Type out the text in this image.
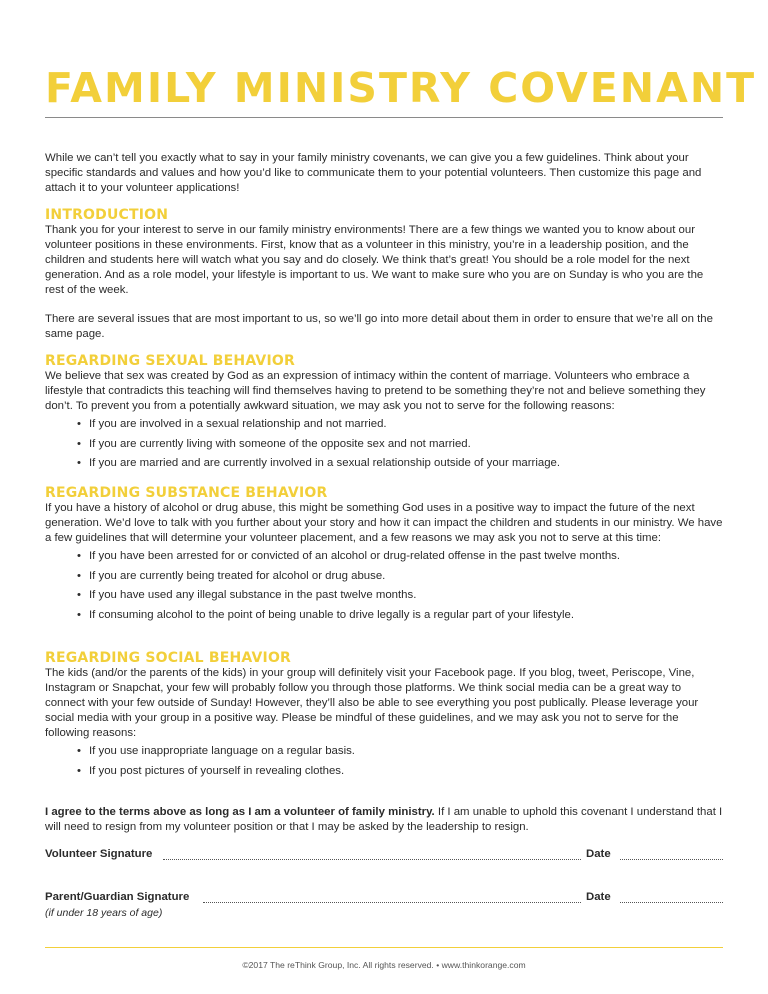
FAMILY MINISTRY COVENANT

While we can’t tell you exactly what to say in your family ministry covenants, we can give you a few guidelines. Think about your specific standards and values and how you’d like to communicate them to your potential volunteers. Then customize this page and attach it to your volunteer applications!

INTRODUCTION

Thank you for your interest to serve in our family ministry environments! There are a few things we wanted you to know about our volunteer positions in these environments. First, know that as a volunteer in this ministry, you’re in a leadership position, and the children and students here will watch what you say and do closely. We think that’s great! You should be a role model for the next generation. And as a role model, your lifestyle is important to us. We want to make sure who you are on Sunday is who you are the rest of the week.

There are several issues that are most important to us, so we’ll go into more detail about them in order to ensure that we’re all on the same page.

REGARDING SEXUAL BEHAVIOR

We believe that sex was created by God as an expression of intimacy within the content of marriage. Volunteers who embrace a lifestyle that contradicts this teaching will find themselves having to pretend to be something they’re not and believe something they don’t. To prevent you from a potentially awkward situation, we may ask you not to serve for the following reasons:

• If you are involved in a sexual relationship and not married.
• If you are currently living with someone of the opposite sex and not married.
• If you are married and are currently involved in a sexual relationship outside of your marriage.
REGARDING SUBSTANCE BEHAVIOR

If you have a history of alcohol or drug abuse, this might be something God uses in a positive way to impact the future of the next generation. We’d love to talk with you further about your story and how it can impact the children and students in our ministry. We have a few guidelines that will determine your volunteer placement, and a few reasons we may ask you not to serve at this time:

• If you have been arrested for or convicted of an alcohol or drug-related offense in the past twelve months.
• If you are currently being treated for alcohol or drug abuse.
• If you have used any illegal substance in the past twelve months.
• If consuming alcohol to the point of being unable to drive legally is a regular part of your lifestyle.
REGARDING SOCIAL BEHAVIOR

The kids (and/or the parents of the kids) in your group will definitely visit your Facebook page. If you blog, tweet, Periscope, Vine, Instagram or Snapchat, your few will probably follow you through those platforms. We think social media can be a great way to connect with your few outside of Sunday! However, they’ll also be able to see everything you post publically. Please leverage your social media with your group in a positive way. Please be mindful of these guidelines, and we may ask you not to serve for the following reasons:

• If you use inappropriate language on a regular basis.
• If you post pictures of yourself in revealing clothes.

I agree to the terms above as long as I am a volunteer of family ministry. If I am unable to uphold this covenant I understand that I will need to resign from my volunteer position or that I may be asked by the leadership to resign.

Volunteer Signature	Date
Parent/Guardian Signature	Date
(if under 18 years of age)
©2017 The reThink Group, Inc. All rights reserved. • www.thinkorange.com
